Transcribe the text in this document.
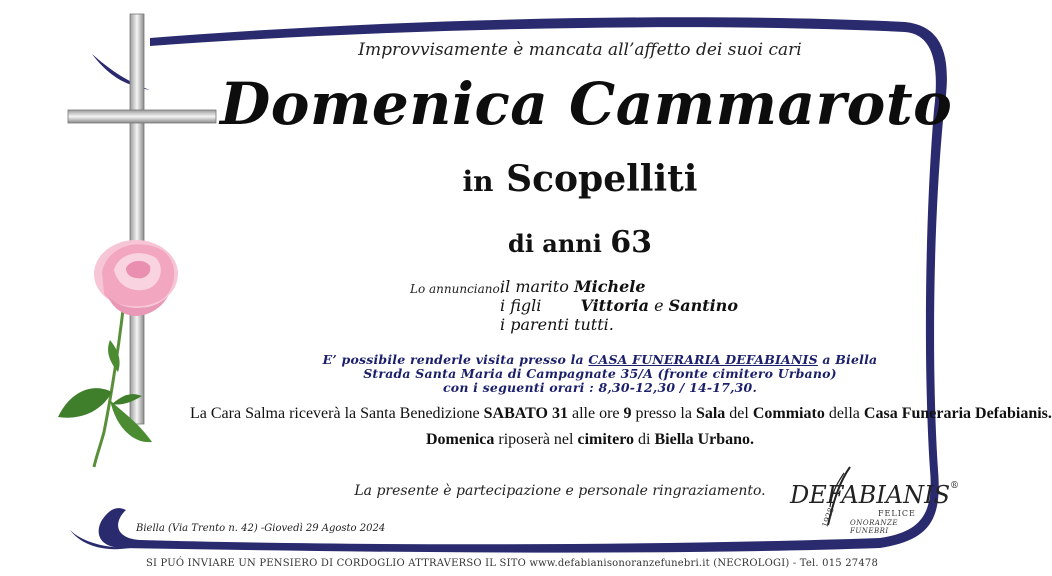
Improvvisamente è mancata all’affetto dei suoi cari
Domenica Cammaroto
in Scopelliti
di anni 63
Lo annunciano:
il marito Michele
i figli Vittoria e Santino
i parenti tutti.
E’ possibile renderle visita presso la CASA FUNERARIA DEFABIANIS a Biella
Strada Santa Maria di Campagnate 35/A (fronte cimitero Urbano)
con i seguenti orari : 8,30-12,30 / 14-17,30.
La Cara Salma riceverà la Santa Benedizione SABATO 31 alle ore 9 presso la Sala del Commiato della Casa Funeraria Defabianis.
Domenica riposerà nel cimitero di Biella Urbano.
La presente è partecipazione e personale ringraziamento.
Biella (Via Trento n. 42) -Giovedì 29 Agosto 2024
DEFABIANIS®
FELICE
ONORANZE FUNEBRI
1928
SI PUÓ INVIARE UN PENSIERO DI CORDOGLIO ATTRAVERSO IL SITO www.defabianisonoranzefunebri.it (NECROLOGI) - Tel. 015 27478
